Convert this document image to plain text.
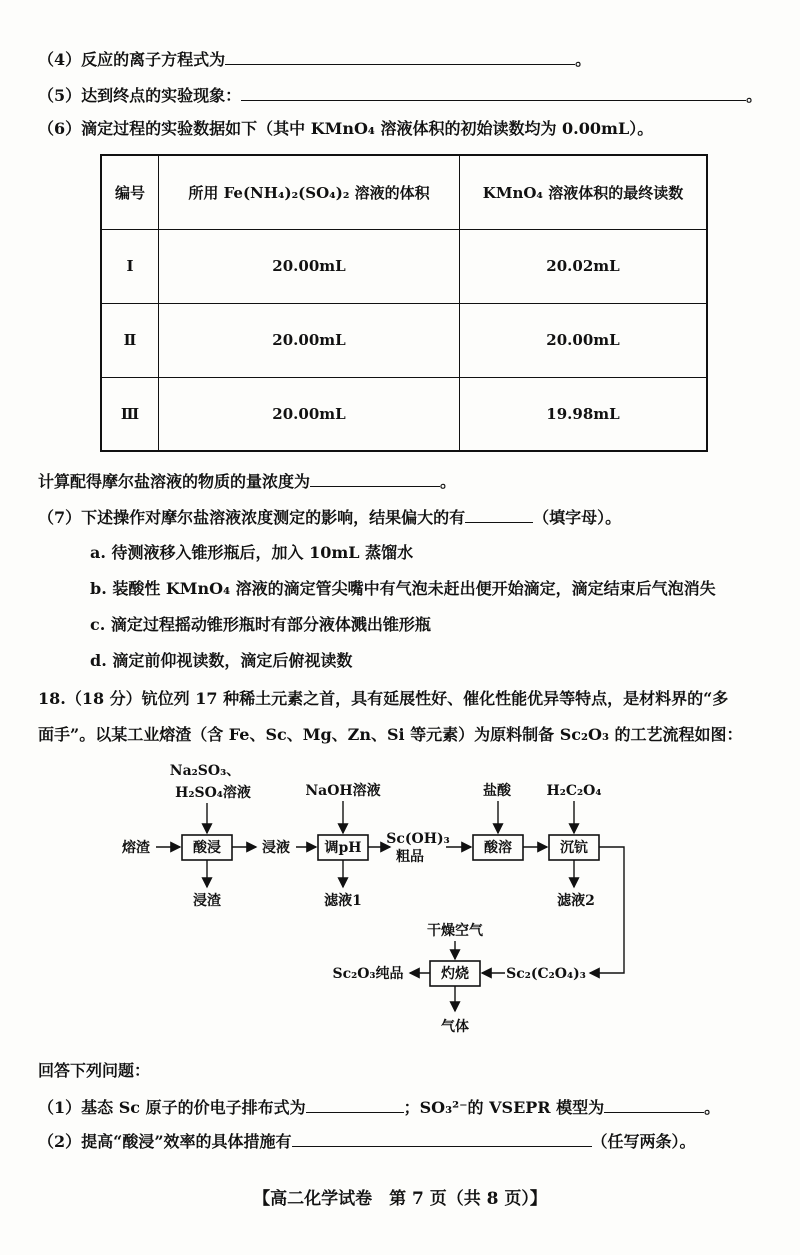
（4）反应的离子方程式为	。
（5）达到终点的实验现象：	。
（6）滴定过程的实验数据如下（其中 KMnO₄ 溶液体积的初始读数均为 0.00mL）。
编号	所用 Fe(NH₄)₂(SO₄)₂ 溶液的体积	KMnO₄ 溶液体积的最终读数
Ⅰ	20.00mL	20.02mL
Ⅱ	20.00mL	20.00mL
Ⅲ	20.00mL	19.98mL
计算配得摩尔盐溶液的物质的量浓度为	。
（7）下述操作对摩尔盐溶液浓度测定的影响，结果偏大的有	（填字母）。
a. 待测液移入锥形瓶后，加入 10mL 蒸馏水
b. 装酸性 KMnO₄ 溶液的滴定管尖嘴中有气泡未赶出便开始滴定，滴定结束后气泡消失
c. 滴定过程摇动锥形瓶时有部分液体溅出锥形瓶
d. 滴定前仰视读数，滴定后俯视读数
18.（18 分）钪位列 17 种稀土元素之首，具有延展性好、催化性能优异等特点，是材料界的“多
面手”。以某工业熔渣（含 Fe、Sc、Mg、Zn、Si 等元素）为原料制备 Sc₂O₃ 的工艺流程如图：
Na₂SO₃、
H₂SO₄溶液	NaOH溶液	盐酸	H₂C₂O₄
熔渣	酸浸	浸液 调pH
Sc(OH)₃
粗品
酸溶	沉钪
浸渣	滤液1	滤液2
干燥空气
灼烧
Sc₂O₃纯品	Sc₂(C₂O₄)₃
气体
回答下列问题：
（1）基态 Sc 原子的价电子排布式为	；SO₃²⁻的 VSEPR 模型为	。
（2）提高“酸浸”效率的具体措施有	（任写两条）。
【高二化学试卷　第 7 页（共 8 页）】
